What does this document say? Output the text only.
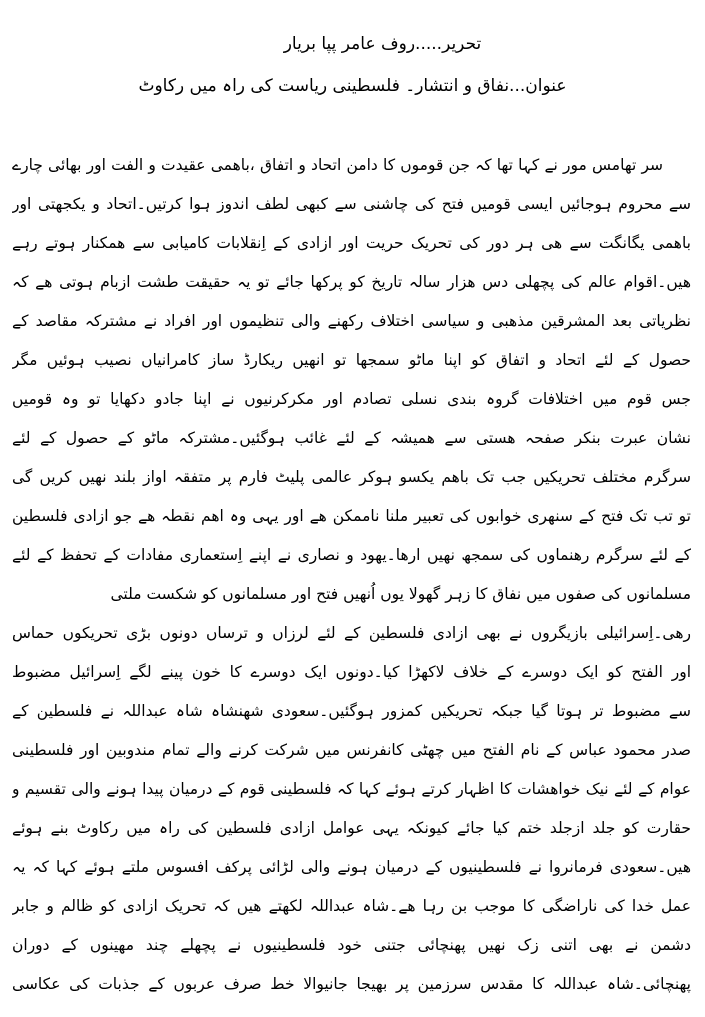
تحریر.....روف عامر پپا بریار
عنوان...نفاق و انتشار۔ فلسطینی ریاست کی راہ میں رکاوٹ
سر تھامس مور نے کہا تھا کہ جن قوموں کا دامن اتحاد و اتفاق ،باھمی عقیدت و الفت اور بھائی چارے
سے محروم ہوجائیں ایسی قومیں فتح کی چاشنی سے کبھی لطف اندوز ہوا کرتیں۔اتحاد و یکجھتی اور
باھمی یگانگت سے ھی ہر دور کی تحریک حریت اور ازادی کے اِنقلابات کامیابی سے ھمکنار ہوتے رہے
ھیں۔اقوام عالم کی پچھلی دس ھزار سالہ تاریخ کو پرکھا جائے تو یہ حقیقت طشت ازبام ہوتی ھے کہ
نظریاتی بعد المشرقین مذھبی و سیاسی اختلاف رکھنے والی تنظیموں اور افراد نے مشترکہ مقاصد کے
حصول کے لئے اتحاد و اتفاق کو اپنا ماٹو سمجھا تو انھیں ریکارڈ ساز کامرانیاں نصیب ہوئیں مگر
جس قوم میں اختلافات گروہ بندی نسلی تصادم اور مکرکرنیوں نے اپنا جادو دکھایا تو وہ قومیں
نشان عبرت بنکر صفحہ ھستی سے ھمیشہ کے لئے غائب ہوگئیں۔مشترکہ ماٹو کے حصول کے لئے
سرگرم مختلف تحریکیں جب تک باھم یکسو ہوکر عالمی پلیٹ فارم پر متفقہ اواز بلند نھیں کریں گی
تو تب تک فتح کے سنھری خوابوں کی تعبیر ملنا ناممکن ھے اور یہی وہ اھم نقطہ ھے جو ازادی فلسطین
کے لئے سرگرم رھنماوں کی سمجھ نھیں ارھا۔یھود و نصاری نے اپنے اِستعماری مفادات کے تحفظ کے لئے
مسلمانوں کی صفوں میں نفاق کا زہر گھولا یوں اُنھیں فتح اور مسلمانوں کو شکست ملتی
رھی۔اِسرائیلی بازیگروں نے بھی ازادی فلسطین کے لئے لرزاں و ترساں دونوں بڑی تحریکوں حماس
اور الفتح کو ایک دوسرے کے خلاف لاکھڑا کیا۔دونوں ایک دوسرے کا خون پینے لگے اِسرائیل مضبوط
سے مضبوط تر ہوتا گیا جبکہ تحریکیں کمزور ہوگئیں۔سعودی شھنشاہ شاہ عبداللہ نے فلسطین کے
صدر محمود عباس کے نام الفتح میں چھٹی کانفرنس میں شرکت کرنے والے تمام مندوبین اور فلسطینی
عوام کے لئے نیک خواھشات کا اظہار کرتے ہوئے کہا کہ فلسطینی قوم کے درمیان پیدا ہونے والی تقسیم و
حقارت کو جلد ازجلد ختم کیا جائے کیونکہ یہی عوامل ازادی فلسطین کی راہ میں رکاوٹ بنے ہوئے
ھیں۔سعودی فرمانروا نے فلسطینیوں کے درمیان ہونے والی لڑائی پرکف افسوس ملتے ہوئے کہا کہ یہ
عمل خدا کی ناراضگی کا موجب بن رہا ھے۔شاہ عبداللہ لکھتے ھیں کہ تحریک ازادی کو ظالم و جابر
دشمن نے بھی اتنی زک نھیں پھنچائی جتنی خود فلسطینیوں نے پچھلے چند مھینوں کے دوران
پھنچائی۔شاہ عبداللہ کا مقدس سرزمین پر بھیجا جانیوالا خط صرف عربوں کے جذبات کی عکاسی
